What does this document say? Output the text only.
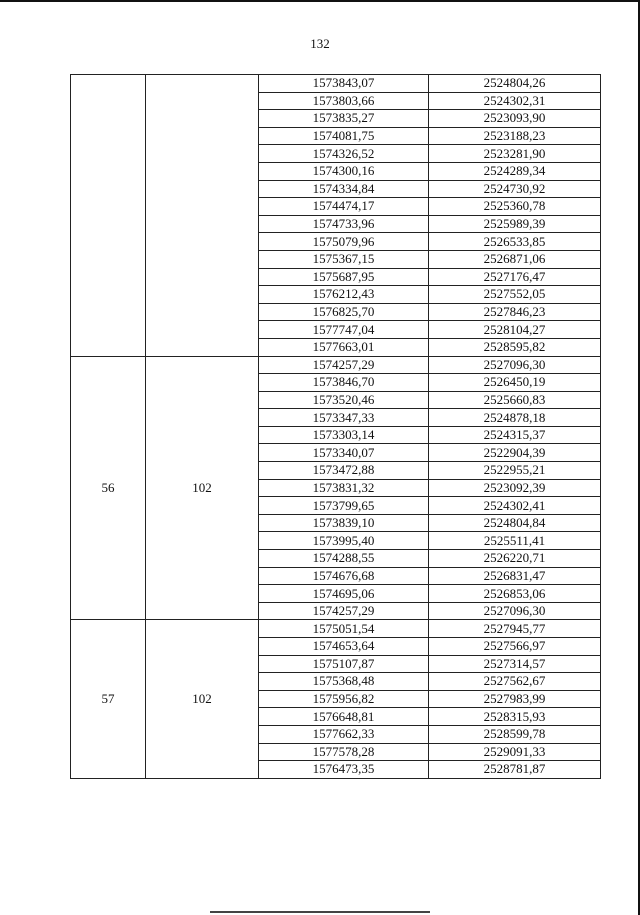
132
		1573843,07	2524804,26
		1573803,66	2524302,31
		1573835,27	2523093,90
		1574081,75	2523188,23
		1574326,52	2523281,90
		1574300,16	2524289,34
		1574334,84	2524730,92
		1574474,17	2525360,78
		1574733,96	2525989,39
		1575079,96	2526533,85
		1575367,15	2526871,06
		1575687,95	2527176,47
		1576212,43	2527552,05
		1576825,70	2527846,23
		1577747,04	2528104,27
		1577663,01	2528595,82
56	102	1574257,29	2527096,30
		1573846,70	2526450,19
		1573520,46	2525660,83
		1573347,33	2524878,18
		1573303,14	2524315,37
		1573340,07	2522904,39
		1573472,88	2522955,21
		1573831,32	2523092,39
		1573799,65	2524302,41
		1573839,10	2524804,84
		1573995,40	2525511,41
		1574288,55	2526220,71
		1574676,68	2526831,47
		1574695,06	2526853,06
		1574257,29	2527096,30
57	102	1575051,54	2527945,77
		1574653,64	2527566,97
		1575107,87	2527314,57
		1575368,48	2527562,67
		1575956,82	2527983,99
		1576648,81	2528315,93
		1577662,33	2528599,78
		1577578,28	2529091,33
		1576473,35	2528781,87
